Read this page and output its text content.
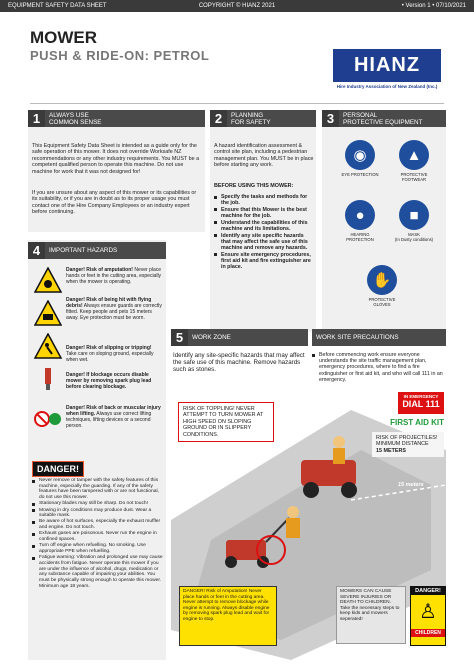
EQUIPMENT SAFETY DATA SHEET	COPYRIGHT © HIANZ 2021	• Version 1 • 07/10/2021
MOWER
PUSH & RIDE-ON: PETROL	HIANZ
Hire Industry Association of New Zealand (Inc.)
1	ALWAYS USE
COMMON SENSE
This Equipment Safety Data Sheet is intended as a guide only for the safe operation of this mower. It does not override Worksafe NZ recommendations or any other industry requirements. You MUST be a competent qualified person to operate this machine. Do not use machine for work that it was not designed for!
If you are unsure about any aspect of this mower or its capabilities or its suitability, or if you are in doubt as to its proper usage you must contact one of the Hire Company Employees or an industry expert before continuing.
2	PLANNING
FOR SAFETY
A hazard identification assessment & control site plan, including a pedestrian management plan. You MUST be in place before starting any work.
BEFORE USING THIS MOWER:
Specify the tasks and methods for the job.
Ensure that this Mower is the best machine for the job.
Understand the capabilities of this machine and its limitations.
Identify any site specific hazards that may affect the safe use of this machine and remove any hazards.
Ensure site emergency procedures, first aid kit and fire extinguisher are in place.
3	PERSONAL
PROTECTIVE EQUIPMENT
◉
EYE PROTECTION
▲
PROTECTIVE FOOTWEAR
●
HEARING PROTECTION
■
MASK
(In Dusty conditions)
✋
PROTECTIVE GLOVES
4	IMPORTANT HAZARDS
Danger! Risk of amputation! Never place hands or feet in the cutting area, especially when the mower is operating.
Danger! Risk of being hit with flying debris! Always ensure guards are correctly fitted. Keep people and pets 15 meters away. Eye protection must be worn.
Danger! Risk of slipping or tripping! Take care on sloping ground, especially when wet.
Danger! If blockage occurs disable mower by removing spark plug lead before clearing blockage.
Danger! Risk of back or muscular injury when lifting. Always use correct lifting techniques, lifting devices or a second person.
DANGER!
Never remove or tamper with the safety features of this machine, especially the guarding. If any of the safety features have been tampered with or are not functional, do not use this mower.
Stationary blades may still be sharp. Do not touch!
Mowing in dry conditions may produce dust. Wear a suitable mask.
Be aware of hot surfaces, especially the exhaust muffler and engine. Do not touch.
Exhaust gases are poisonous. Never run the engine in confined spaces.
Turn off engine when refuelling. No smoking. Use appropriate PPE when refuelling.
Fatigue warning: Vibration and prolonged use may cause accidents from fatigue. Never operate this mower if you are under the influence of alcohol, drugs, medication or any substance capable of impairing your abilities. You must be physically strong enough to operate this mower. Minimum age 18 years.
5	WORK ZONE	WORK SITE PRECAUTIONS
Identify any site-specific hazards that may affect the safe use of this machine. Remove hazards such as stones.
Before commencing work ensure everyone understands the site traffic management plan, emergency procedures, where to find a fire extinguisher or first aid kit, and who will call 111 in an emergency.
RISK OF TOPPLING! NEVER ATTEMPT TO TURN MOWER AT HIGH SPEED ON SLOPING GROUND OR IN SLIPPERY CONDITIONS.
IN EMERGENCY
DIAL 111
FIRST AID KIT
RISK OF PROJECTILES! MINIMUM DISTANCE
15 METERS
15 meters
DANGER! Risk of Amputation! Never place hands or feet in the cutting area. Never attempt to remove blockage while engine is running. Always disable engine by removing spark plug lead and wait for engine to stop.
MOWERS CAN CAUSE SEVERE INJURIES OR DEATH TO CHILDREN. Take the necessary steps to keep kids and mowers seperated!
DANGER!
♙
CHILDREN
